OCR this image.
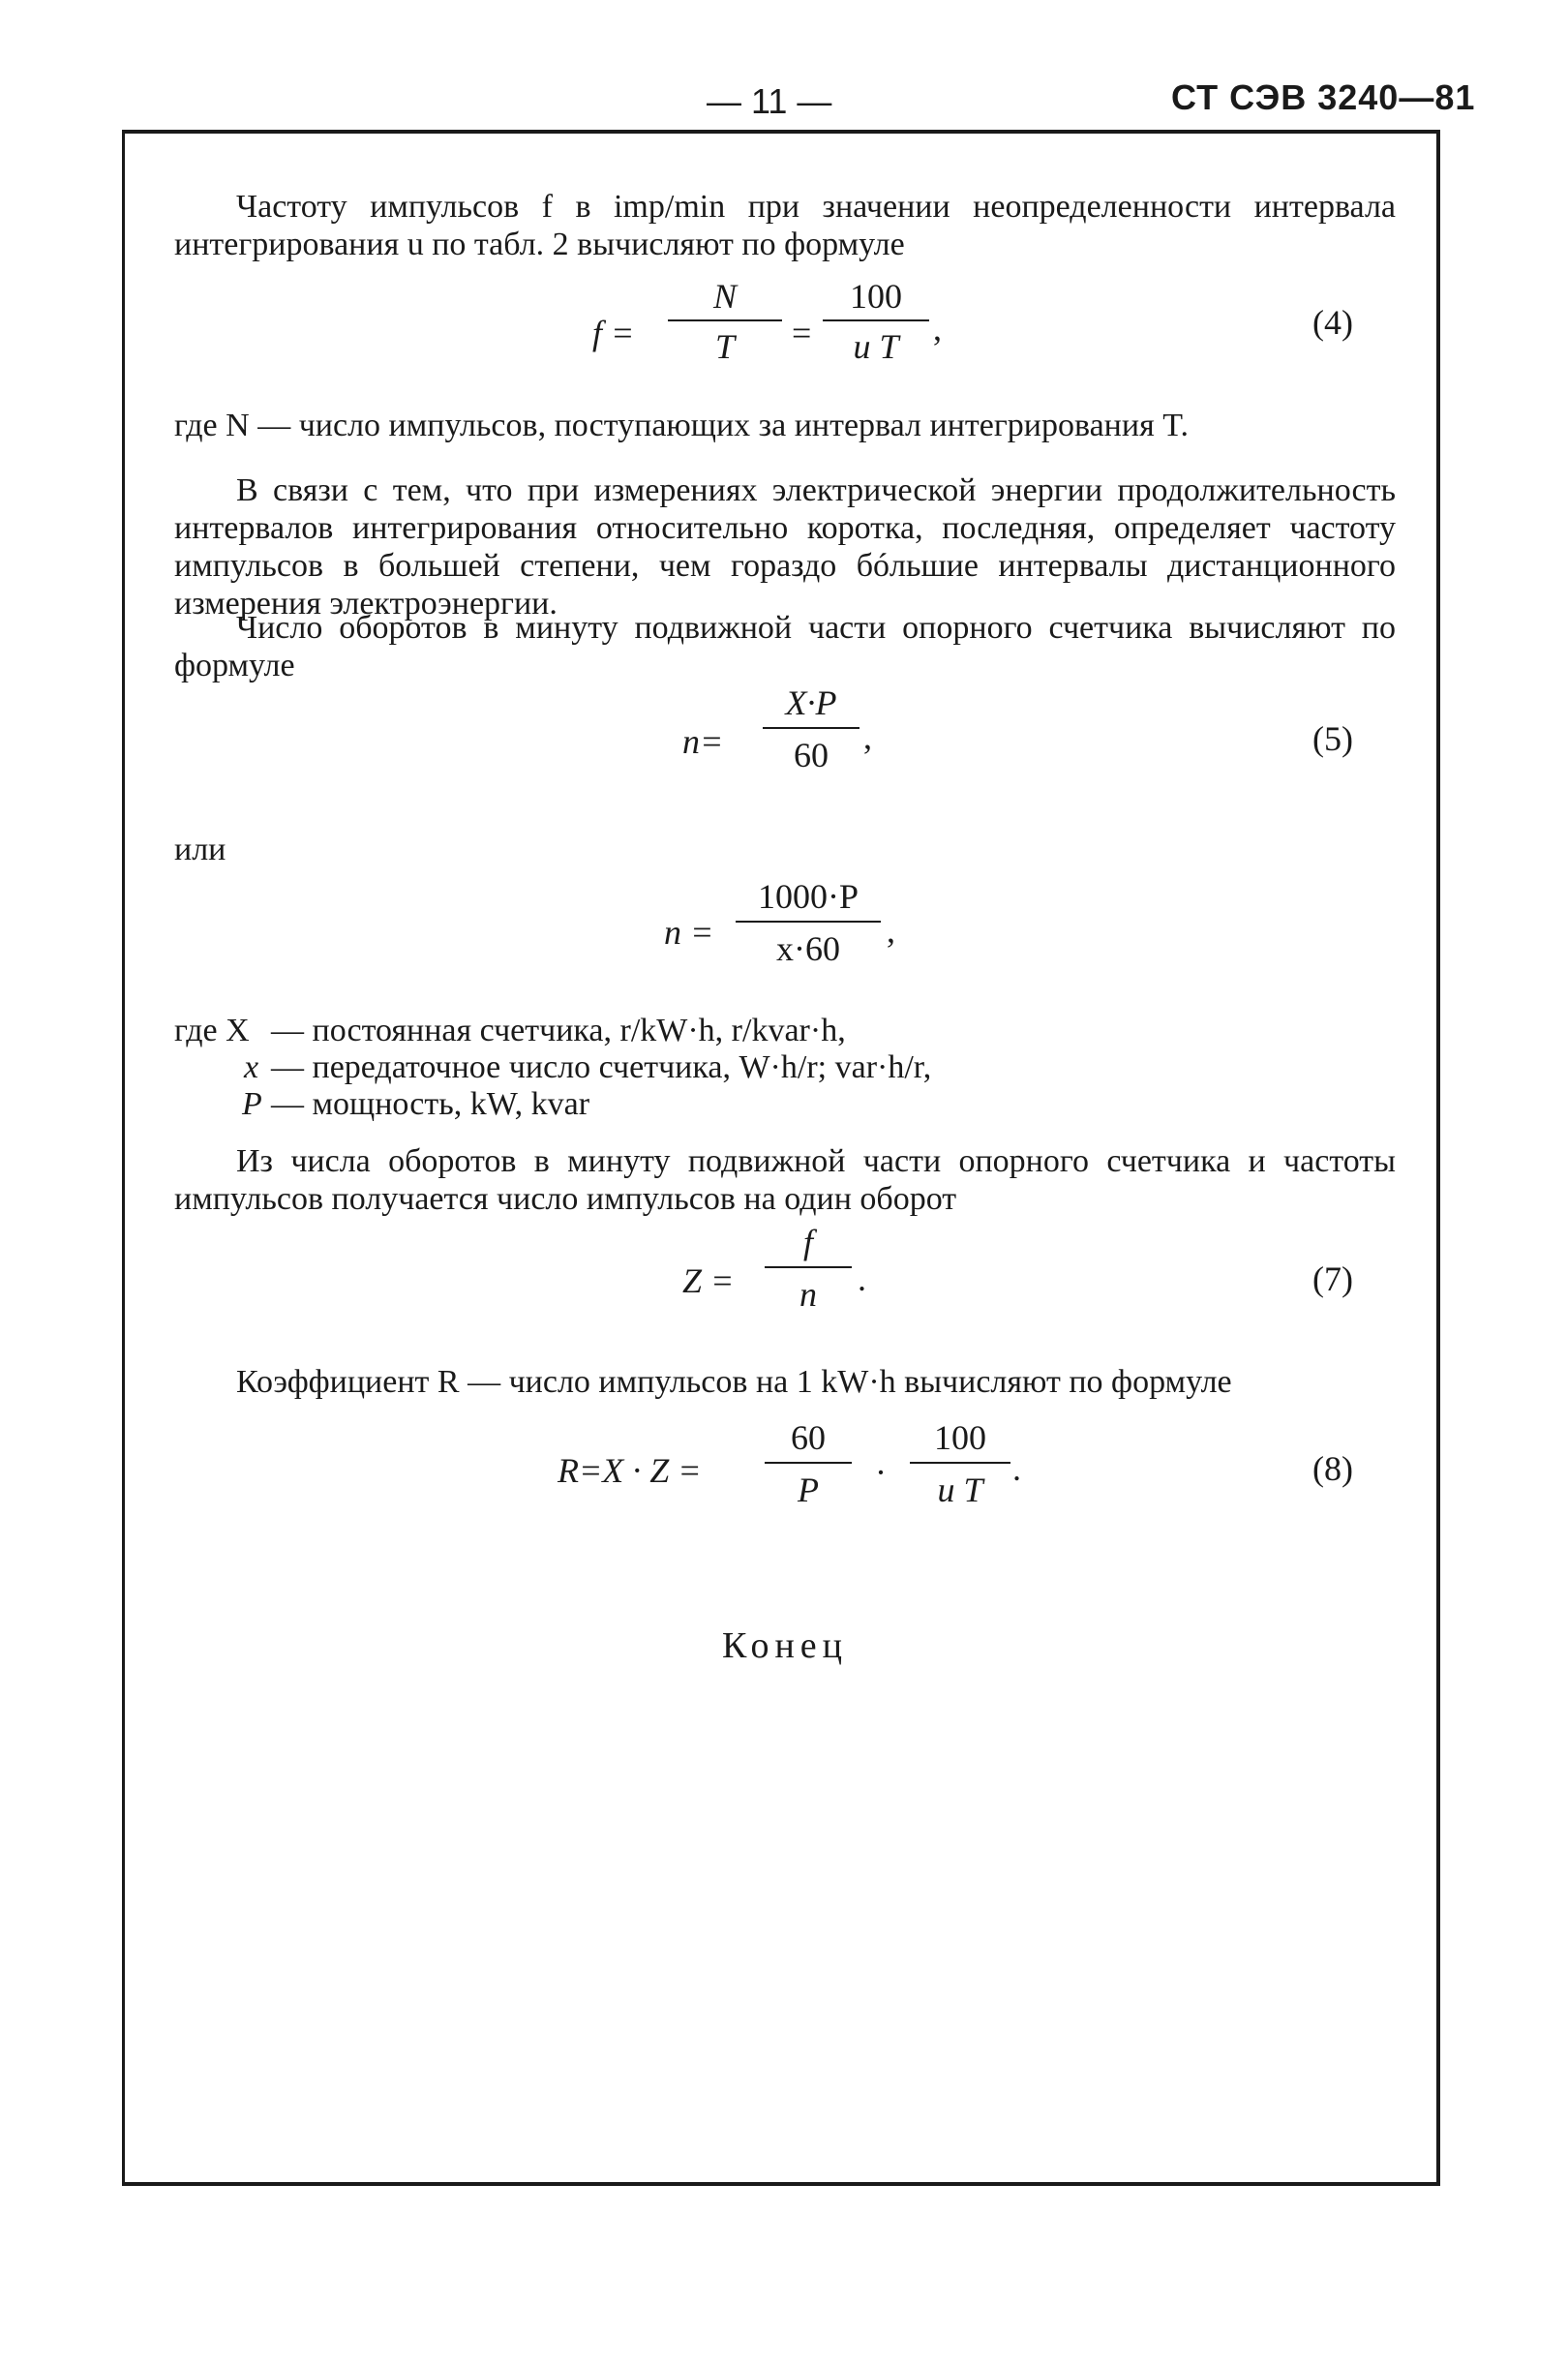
— 11 —	СТ СЭВ 3240—81
Частоту импульсов f в imp/min при значении неопределенности интервала интегрирования u по табл. 2 вычисляют по формуле
f =
N
T	=
100
u T ,	(4)
где N — число импульсов, поступающих за интервал интегрирования T.
В связи с тем, что при измерениях электрической энергии продолжительность интервалов интегрирования относительно коротка, последняя, определяет частоту импульсов в большей степени, чем гораздо бóльшие интервалы дистанционного измерения электроэнергии.
Число оборотов в минуту подвижной части опорного счетчика вычисляют по формуле
n=
X·P
60	,	(5)
или
n =
1000·P
x·60	,
где X — постоянная счетчика, r/kW·h, r/kvar·h,
x — передаточное число счетчика, W·h/r; var·h/r,
P — мощность, kW, kvar
Из числа оборотов в минуту подвижной части опорного счетчика и частоты импульсов получается число импульсов на один оборот
Z =
f
n	.	(7)
Коэффициент R — число импульсов на 1 kW·h вычисляют по формуле
R=X · Z =
60
P	·
100
u T
.	(8)
Конец
